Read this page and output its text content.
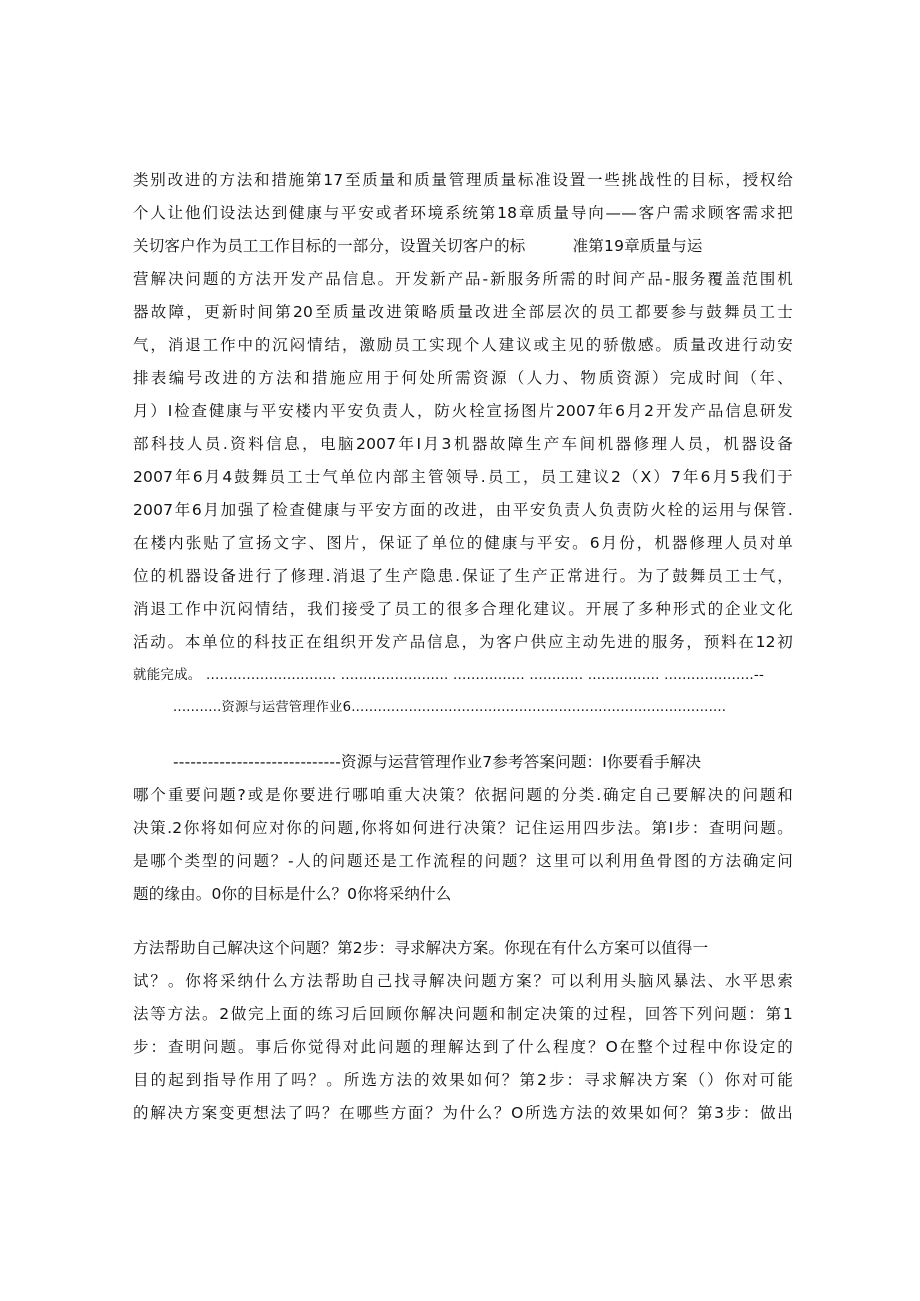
类别改进的方法和措施第17至质量和质量管理质量标准设置一些挑战性的目标，授权给
个人让他们设法达到健康与平安或者环境系统第18章质量导向——客户需求顾客需求把
关切客户作为员工工作目标的一部分，设置关切客户的标　　　准第19章质量与运
营解决问题的方法开发产品信息。开发新产品-新服务所需的时间产品-服务覆盖范围机
器故障，更新时间第20至质量改进策略质量改进全部层次的员工都要参与鼓舞员工士
气，消退工作中的沉闷情结，激励员工实现个人建议或主见的骄傲感。质量改进行动安
排表编号改进的方法和措施应用于何处所需资源（人力、物质资源）完成时间（年、
月）I检查健康与平安楼内平安负责人，防火栓宣扬图片2007年6月2开发产品信息研发
部科技人员.资料信息，电脑2007年I月3机器故障生产车间机器修理人员，机器设备
2007年6月4鼓舞员工士气单位内部主管领导.员工，员工建议2（X）7年6月5我们于
2007年6月加强了检查健康与平安方面的改进，由平安负责人负责防火栓的运用与保管.
在楼内张贴了宣扬文字、图片，保证了单位的健康与平安。6月份，机器修理人员对单
位的机器设备进行了修理.消退了生产隐患.保证了生产正常进行。为了鼓舞员工士气，
消退工作中沉闷情结，我们接受了员工的很多合理化建议。开展了多种形式的企业文化
活动。本单位的科技正在组织开发产品信息，为客户供应主动先进的服务，预料在12初
就能完成。 ............................. ........................ ................ ............ ................ ....................--
...........资源与运营管理作业6.....................................................................................
-----------------------------资源与运营管理作业7参考答案问题：I你要看手解决
哪个重要问题?或是你要进行哪咱重大决策？依据问题的分类.确定自己要解决的问题和
决策.2你将如何应对你的问题,你将如何进行决策？记住运用四步法。第I步：查明问题。
是哪个类型的问题？-人的问题还是工作流程的问题？这里可以利用鱼骨图的方法确定问
题的缘由。0你的目标是什么？0你将采纳什么
方法帮助自己解决这个问题？第2步：寻求解决方案。你现在有什么方案可以值得一
试？。你将采纳什么方法帮助自己找寻解决问题方案？可以利用头脑风暴法、水平思索
法等方法。2做完上面的练习后回顾你解决问题和制定决策的过程，回答下列问题：第1
步：查明问题。事后你觉得对此问题的理解达到了什么程度？O在整个过程中你设定的
目的起到指导作用了吗？。所选方法的效果如何？第2步：寻求解决方案（）你对可能
的解决方案变更想法了吗？在哪些方面？为什么？O所选方法的效果如何？第3步：做出
